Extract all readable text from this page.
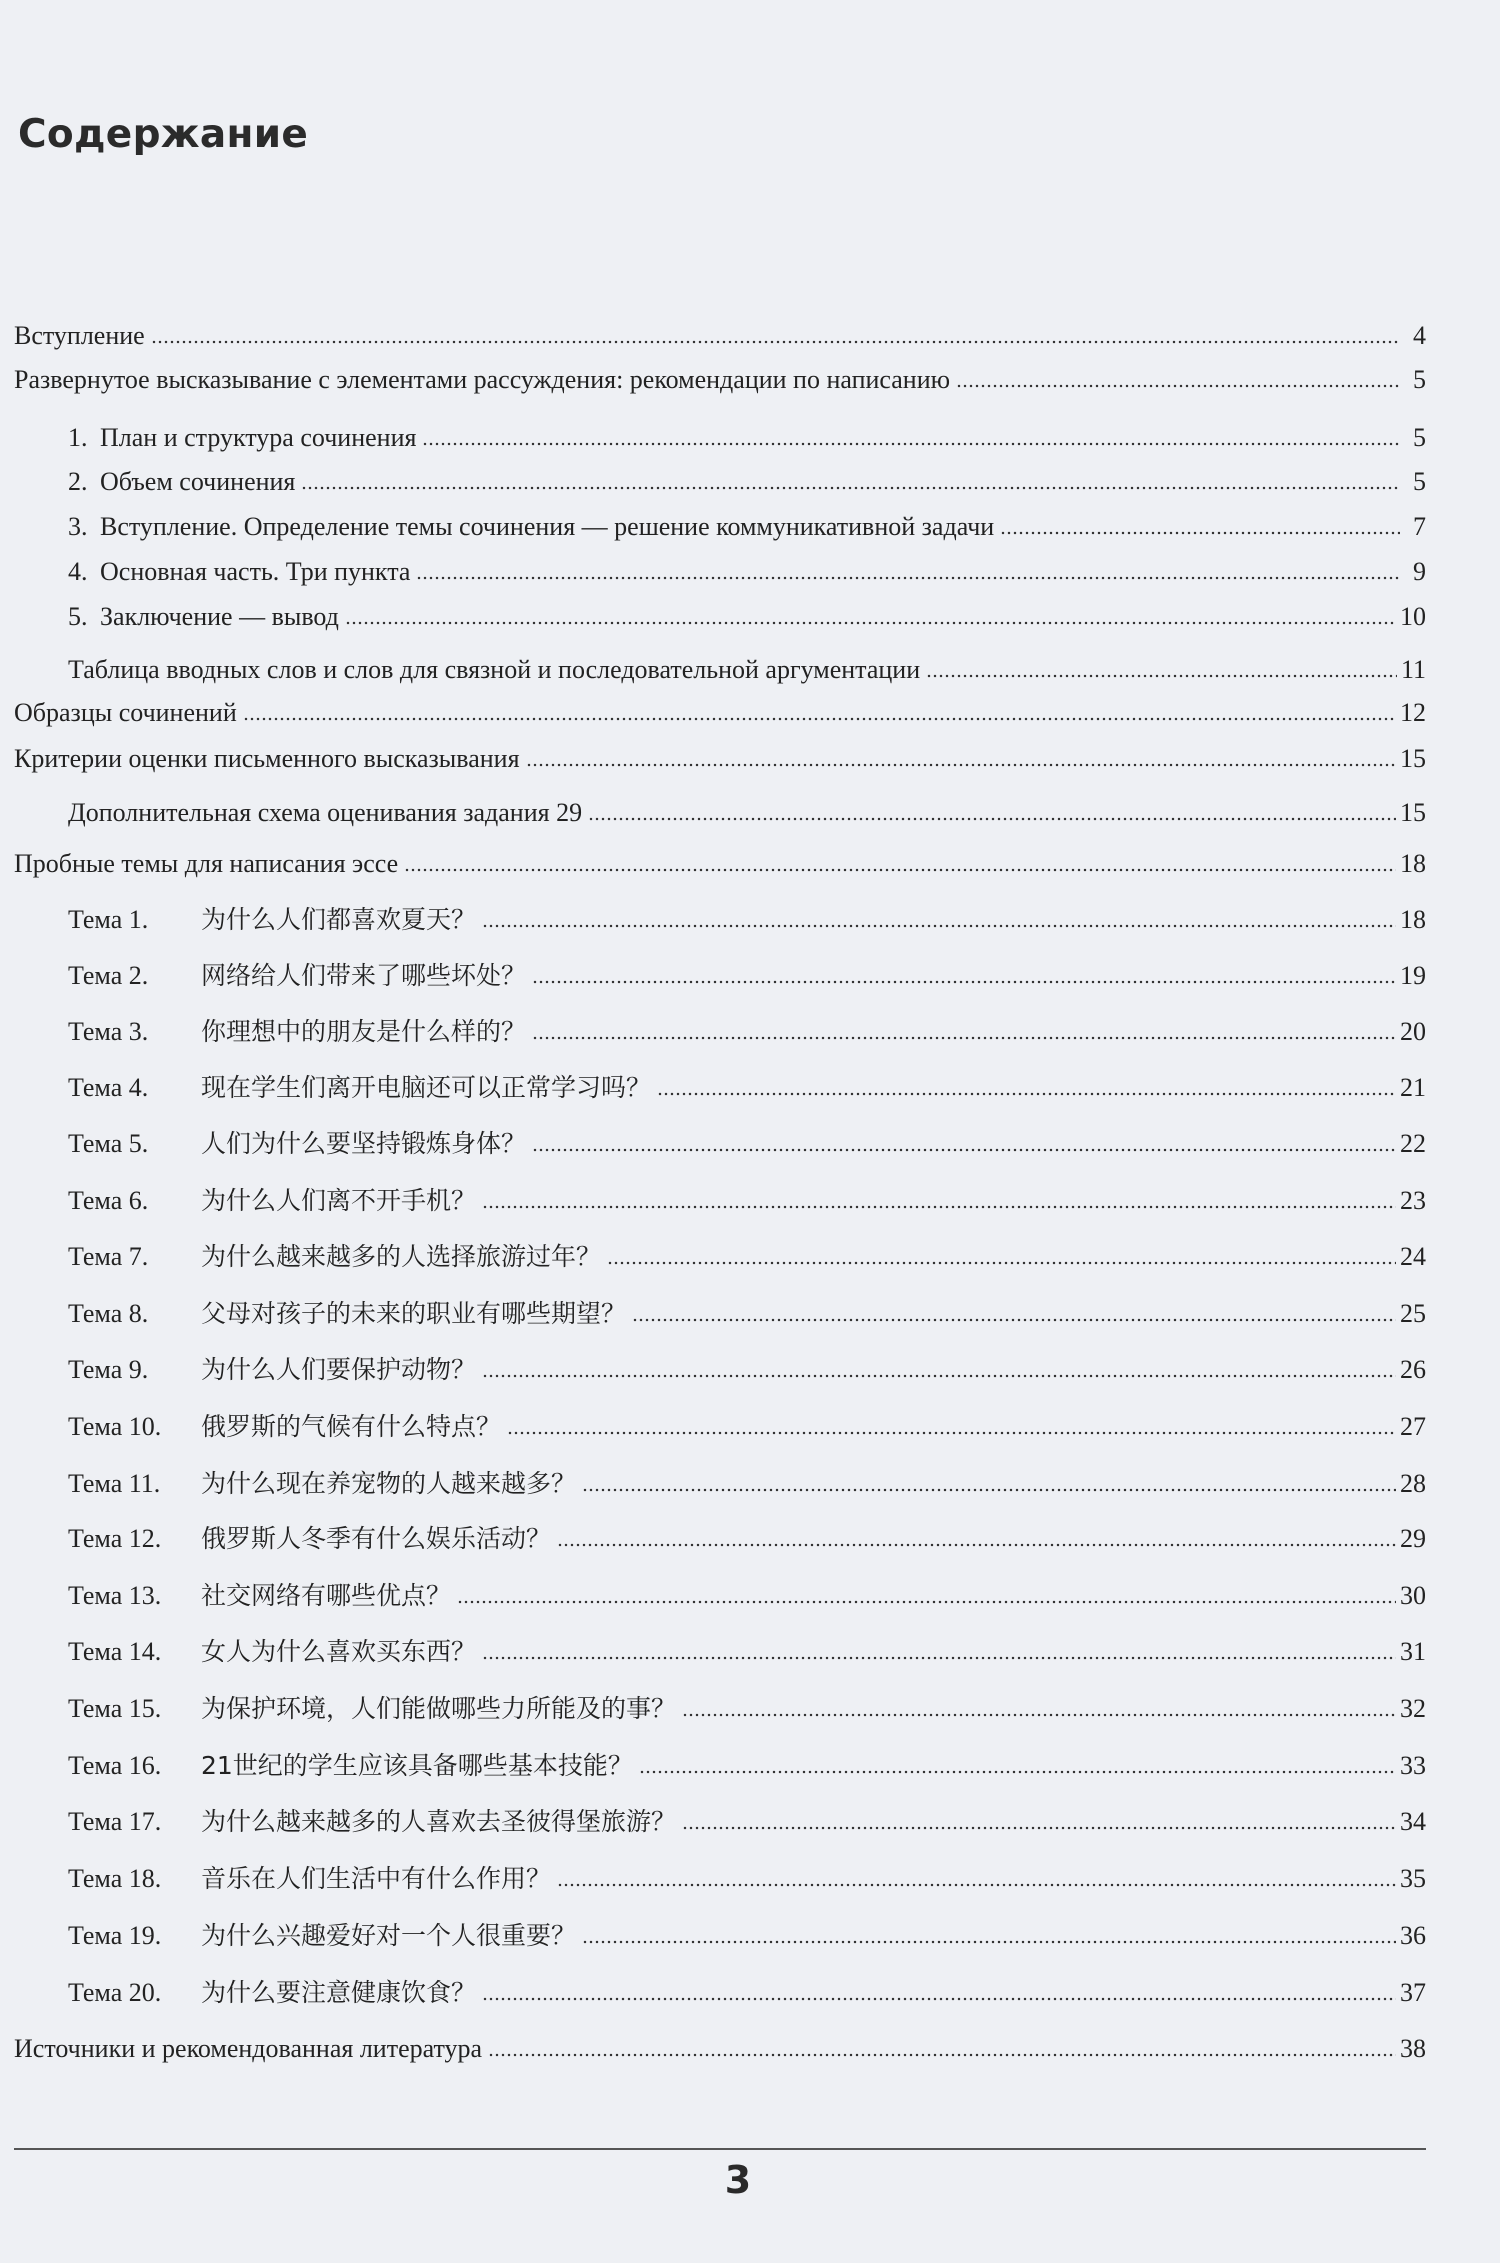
Содержание
Вступление	4
Развернутое высказывание с элементами рассуждения: рекомендации по написанию	5
1. План и структура сочинения	5
2. Объем сочинения	5
3. Вступление. Определение темы сочинения — решение коммуникативной задачи	7
4. Основная часть. Три пункта	9
5. Заключение — вывод	10
Таблица вводных слов и слов для связной и последовательной аргументации	11
Образцы сочинений	12
Критерии оценки письменного высказывания	15
Дополнительная схема оценивания задания 29	15
Пробные темы для написания эссе	18
Тема 1.	为什么人们都喜欢夏天？	18
Тема 2.	网络给人们带来了哪些坏处？	19
Тема 3.	你理想中的朋友是什么样的？	20
Тема 4.	现在学生们离开电脑还可以正常学习吗？	21
Тема 5.	人们为什么要坚持锻炼身体？	22
Тема 6.	为什么人们离不开手机？	23
Тема 7.	为什么越来越多的人选择旅游过年？	24
Тема 8.	父母对孩子的未来的职业有哪些期望？	25
Тема 9.	为什么人们要保护动物？	26
Тема 10.	俄罗斯的气候有什么特点？	27
Тема 11.	为什么现在养宠物的人越来越多？	28
Тема 12.	俄罗斯人冬季有什么娱乐活动？	29
Тема 13.	社交网络有哪些优点？	30
Тема 14.	女人为什么喜欢买东西？	31
Тема 15.	为保护环境，人们能做哪些力所能及的事？	32
Тема 16.	21世纪的学生应该具备哪些基本技能？	33
Тема 17.	为什么越来越多的人喜欢去圣彼得堡旅游？	34
Тема 18.	音乐在人们生活中有什么作用？	35
Тема 19.	为什么兴趣爱好对一个人很重要？	36
Тема 20.	为什么要注意健康饮食？	37
Источники и рекомендованная литература	38
3
